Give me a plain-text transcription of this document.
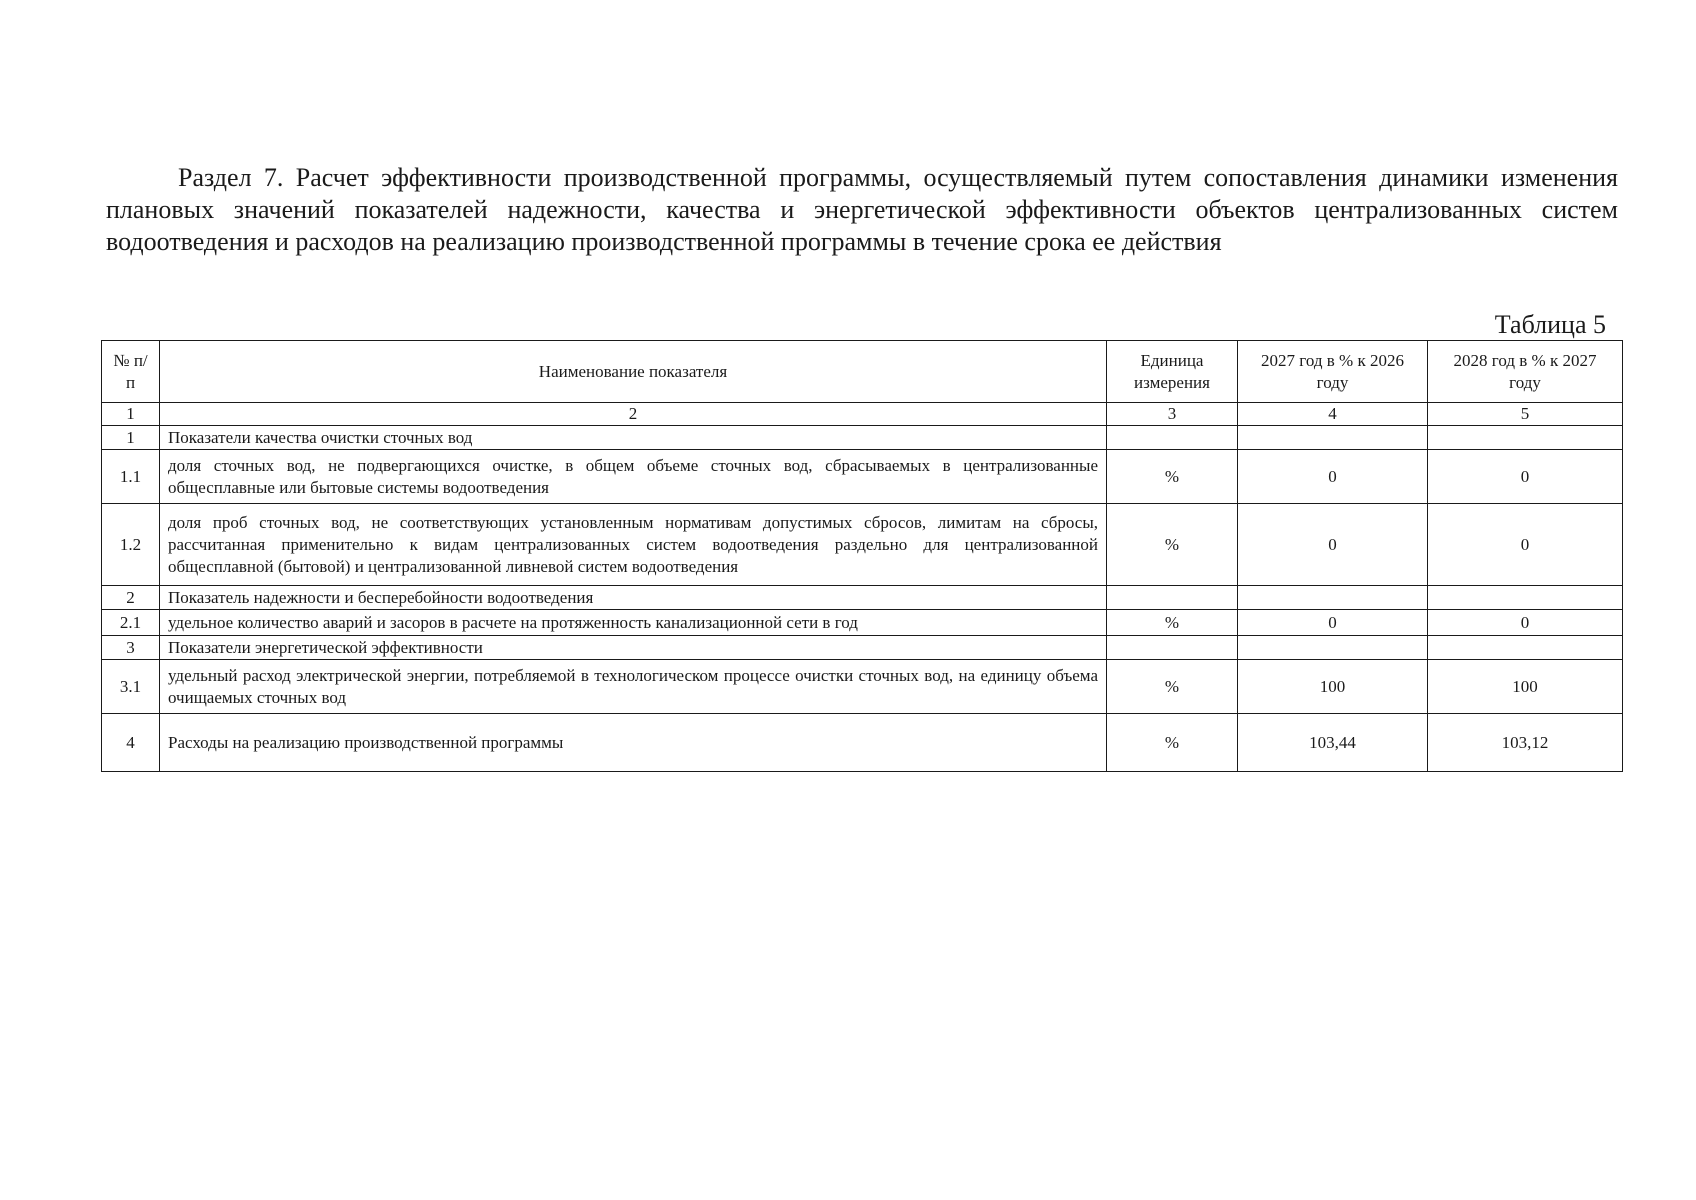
Раздел 7. Расчет эффективности производственной программы, осуществляемый путем сопоставления динамики изменения плановых значений показателей надежности, качества и энергетической эффективности объектов централизованных систем водоотведения и расходов на реализацию производственной программы в течение срока ее действия

Таблица 5
№ п/п	Наименование показателя	Единица измерения	2027 год в % к 2026 году	2028 год в % к 2027 году
1	2	3	4	5
1	Показатели качества очистки сточных вод			
1.1	доля сточных вод, не подвергающихся очистке, в общем объеме сточных вод, сбрасываемых в централизованные общесплавные или бытовые системы водоотведения	%	0	0
1.2	доля проб сточных вод, не соответствующих установленным нормативам допустимых сбросов, лимитам на сбросы, рассчитанная применительно к видам централизованных систем водоотведения раздельно для централизованной общесплавной (бытовой) и централизованной ливневой систем водоотведения	%	0	0
2	Показатель надежности и бесперебойности водоотведения			
2.1	удельное количество аварий и засоров в расчете на протяженность канализационной сети в год	%	0	0
3	Показатели энергетической эффективности			
3.1	удельный расход электрической энергии, потребляемой в технологическом процессе очистки сточных вод, на единицу объема очищаемых сточных вод	%	100	100
4	Расходы на реализацию производственной программы	%	103,44	103,12
